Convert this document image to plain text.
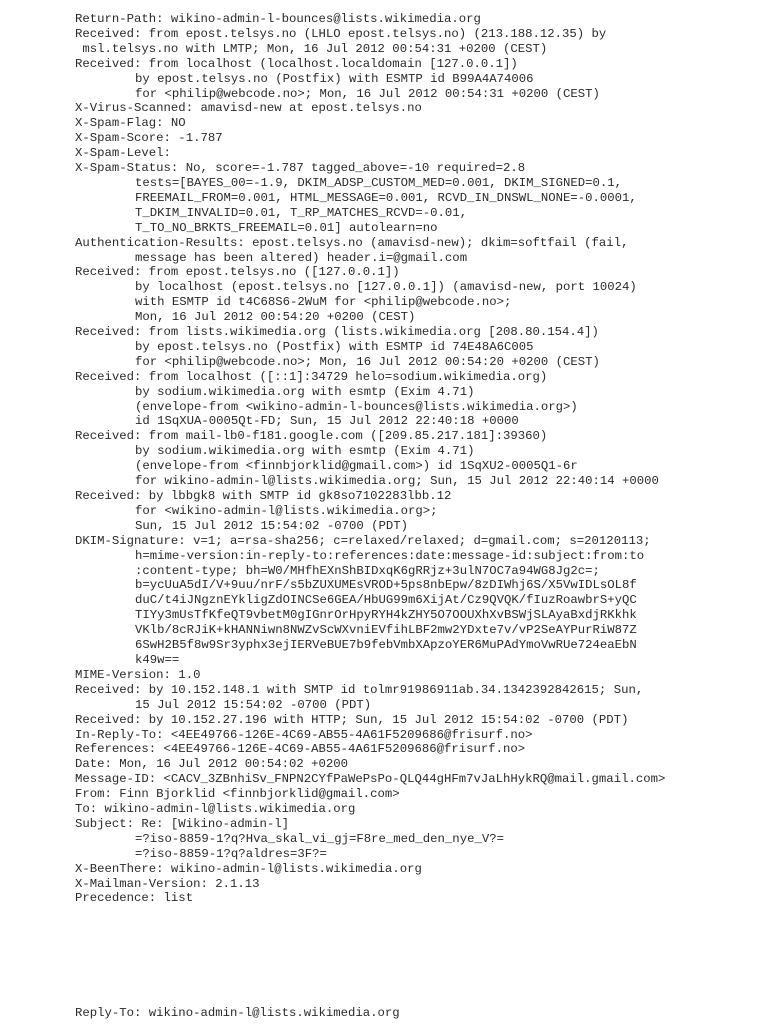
Return-Path: wikino-admin-l-bounces@lists.wikimedia.org
Received: from epost.telsys.no (LHLO epost.telsys.no) (213.188.12.35) by
msl.telsys.no with LMTP; Mon, 16 Jul 2012 00:54:31 +0200 (CEST)
Received: from localhost (localhost.localdomain [127.0.0.1])
by epost.telsys.no (Postfix) with ESMTP id B99A4A74006
for <philip@webcode.no>; Mon, 16 Jul 2012 00:54:31 +0200 (CEST)
X-Virus-Scanned: amavisd-new at epost.telsys.no
X-Spam-Flag: NO
X-Spam-Score: -1.787
X-Spam-Level:
X-Spam-Status: No, score=-1.787 tagged_above=-10 required=2.8
tests=[BAYES_00=-1.9, DKIM_ADSP_CUSTOM_MED=0.001, DKIM_SIGNED=0.1,
FREEMAIL_FROM=0.001, HTML_MESSAGE=0.001, RCVD_IN_DNSWL_NONE=-0.0001,
T_DKIM_INVALID=0.01, T_RP_MATCHES_RCVD=-0.01,
T_TO_NO_BRKTS_FREEMAIL=0.01] autolearn=no
Authentication-Results: epost.telsys.no (amavisd-new); dkim=softfail (fail,
message has been altered) header.i=@gmail.com
Received: from epost.telsys.no ([127.0.0.1])
by localhost (epost.telsys.no [127.0.0.1]) (amavisd-new, port 10024)
with ESMTP id t4C68S6-2WuM for <philip@webcode.no>;
Mon, 16 Jul 2012 00:54:20 +0200 (CEST)
Received: from lists.wikimedia.org (lists.wikimedia.org [208.80.154.4])
by epost.telsys.no (Postfix) with ESMTP id 74E48A6C005
for <philip@webcode.no>; Mon, 16 Jul 2012 00:54:20 +0200 (CEST)
Received: from localhost ([::1]:34729 helo=sodium.wikimedia.org)
by sodium.wikimedia.org with esmtp (Exim 4.71)
(envelope-from <wikino-admin-l-bounces@lists.wikimedia.org>)
id 1SqXUA-0005Qt-FD; Sun, 15 Jul 2012 22:40:18 +0000
Received: from mail-lb0-f181.google.com ([209.85.217.181]:39360)
by sodium.wikimedia.org with esmtp (Exim 4.71)
(envelope-from <finnbjorklid@gmail.com>) id 1SqXU2-0005Q1-6r
for wikino-admin-l@lists.wikimedia.org; Sun, 15 Jul 2012 22:40:14 +0000
Received: by lbbgk8 with SMTP id gk8so7102283lbb.12
for <wikino-admin-l@lists.wikimedia.org>;
Sun, 15 Jul 2012 15:54:02 -0700 (PDT)
DKIM-Signature: v=1; a=rsa-sha256; c=relaxed/relaxed; d=gmail.com; s=20120113;
h=mime-version:in-reply-to:references:date:message-id:subject:from:to
:content-type; bh=W0/MHfhEXnShBIDxqK6gRRjz+3ulN7OC7a94WG8Jg2c=;
b=ycUuA5dI/V+9uu/nrF/s5bZUXUMEsVROD+5ps8nbEpw/8zDIWhj6S/X5VwIDLsOL8f
duC/t4iJNgznEYkligZdOINCSe6GEA/HbUG99m6XijAt/Cz9QVQK/fIuzRoawbrS+yQC
TIYy3mUsTfKfeQT9vbetM0gIGnrOrHpyRYH4kZHY5O7OOUXhXvBSWjSLAyaBxdjRKkhk
VKlb/8cRJiK+kHANNiwn8NWZvScWXvniEVfihLBF2mw2YDxte7v/vP2SeAYPurRiW87Z
6SwH2B5f8w9Sr3yphx3ejIERVeBUE7b9febVmbXApzoYER6MuPAdYmoVwRUe724eaEbN
k49w==
MIME-Version: 1.0
Received: by 10.152.148.1 with SMTP id tolmr91986911ab.34.1342392842615; Sun,
15 Jul 2012 15:54:02 -0700 (PDT)
Received: by 10.152.27.196 with HTTP; Sun, 15 Jul 2012 15:54:02 -0700 (PDT)
In-Reply-To: <4EE49766-126E-4C69-AB55-4A61F5209686@frisurf.no>
References: <4EE49766-126E-4C69-AB55-4A61F5209686@frisurf.no>
Date: Mon, 16 Jul 2012 00:54:02 +0200
Message-ID: <CACV_3ZBnhiSv_FNPN2CYfPaWePsPo-QLQ44gHFm7vJaLhHykRQ@mail.gmail.com>
From: Finn Bjorklid <finnbjorklid@gmail.com>
To: wikino-admin-l@lists.wikimedia.org
Subject: Re: [Wikino-admin-l]
=?iso-8859-1?q?Hva_skal_vi_gj=F8re_med_den_nye_V?=
=?iso-8859-1?q?aldres=3F?=
X-BeenThere: wikino-admin-l@lists.wikimedia.org
X-Mailman-Version: 2.1.13
Precedence: list
Reply-To: wikino-admin-l@lists.wikimedia.org
